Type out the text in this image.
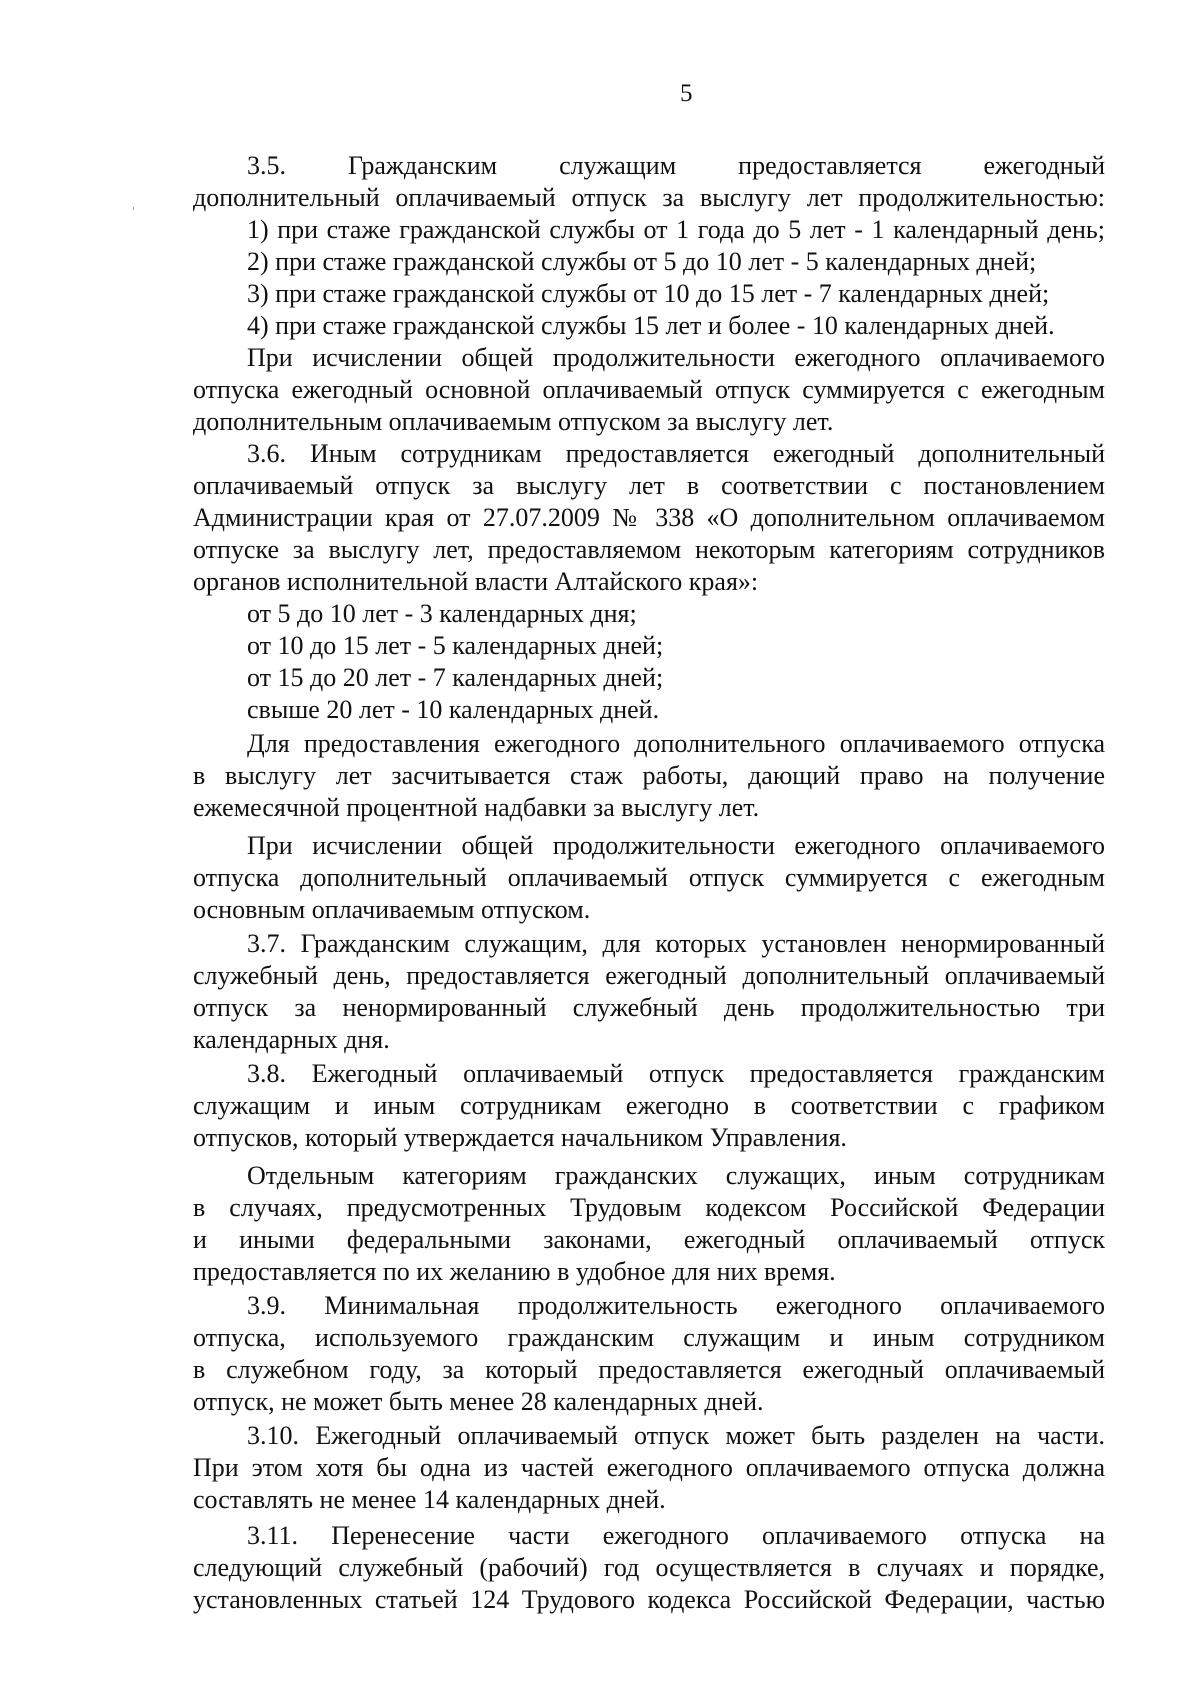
5
3.5. Гражданским служащим предоставляется ежегодный
дополнительный оплачиваемый отпуск за выслугу лет продолжительностью:
1) при стаже гражданской службы от 1 года до 5 лет - 1 календарный день;
2) при стаже гражданской службы от 5 до 10 лет - 5 календарных дней;
3) при стаже гражданской службы от 10 до 15 лет - 7 календарных дней;
4) при стаже гражданской службы 15 лет и более - 10 календарных дней.
При исчислении общей продолжительности ежегодного оплачиваемого
отпуска ежегодный основной оплачиваемый отпуск суммируется с ежегодным
дополнительным оплачиваемым отпуском за выслугу лет.
3.6. Иным сотрудникам предоставляется ежегодный дополнительный
оплачиваемый отпуск за выслугу лет в соответствии с постановлением
Администрации края от 27.07.2009 № 338 «О дополнительном оплачиваемом
отпуске за выслугу лет, предоставляемом некоторым категориям сотрудников
органов исполнительной власти Алтайского края»:
от 5 до 10 лет - 3 календарных дня;
от 10 до 15 лет - 5 календарных дней;
от 15 до 20 лет - 7 календарных дней;
свыше 20 лет - 10 календарных дней.
Для предоставления ежегодного дополнительного оплачиваемого отпуска
в выслугу лет засчитывается стаж работы, дающий право на получение
ежемесячной процентной надбавки за выслугу лет.
При исчислении общей продолжительности ежегодного оплачиваемого
отпуска дополнительный оплачиваемый отпуск суммируется с ежегодным
основным оплачиваемым отпуском.
3.7. Гражданским служащим, для которых установлен ненормированный
служебный день, предоставляется ежегодный дополнительный оплачиваемый
отпуск за ненормированный служебный день продолжительностью три
календарных дня.
3.8. Ежегодный оплачиваемый отпуск предоставляется гражданским
служащим и иным сотрудникам ежегодно в соответствии с графиком
отпусков, который утверждается начальником Управления.
Отдельным категориям гражданских служащих, иным сотрудникам
в случаях, предусмотренных Трудовым кодексом Российской Федерации
и иными федеральными законами, ежегодный оплачиваемый отпуск
предоставляется по их желанию в удобное для них время.
3.9. Минимальная продолжительность ежегодного оплачиваемого
отпуска, используемого гражданским служащим и иным сотрудником
в служебном году, за который предоставляется ежегодный оплачиваемый
отпуск, не может быть менее 28 календарных дней.
3.10. Ежегодный оплачиваемый отпуск может быть разделен на части.
При этом хотя бы одна из частей ежегодного оплачиваемого отпуска должна
составлять не менее 14 календарных дней.
3.11. Перенесение части ежегодного оплачиваемого отпуска на
следующий служебный (рабочий) год осуществляется в случаях и порядке,
установленных статьей 124 Трудового кодекса Российской Федерации, частью
